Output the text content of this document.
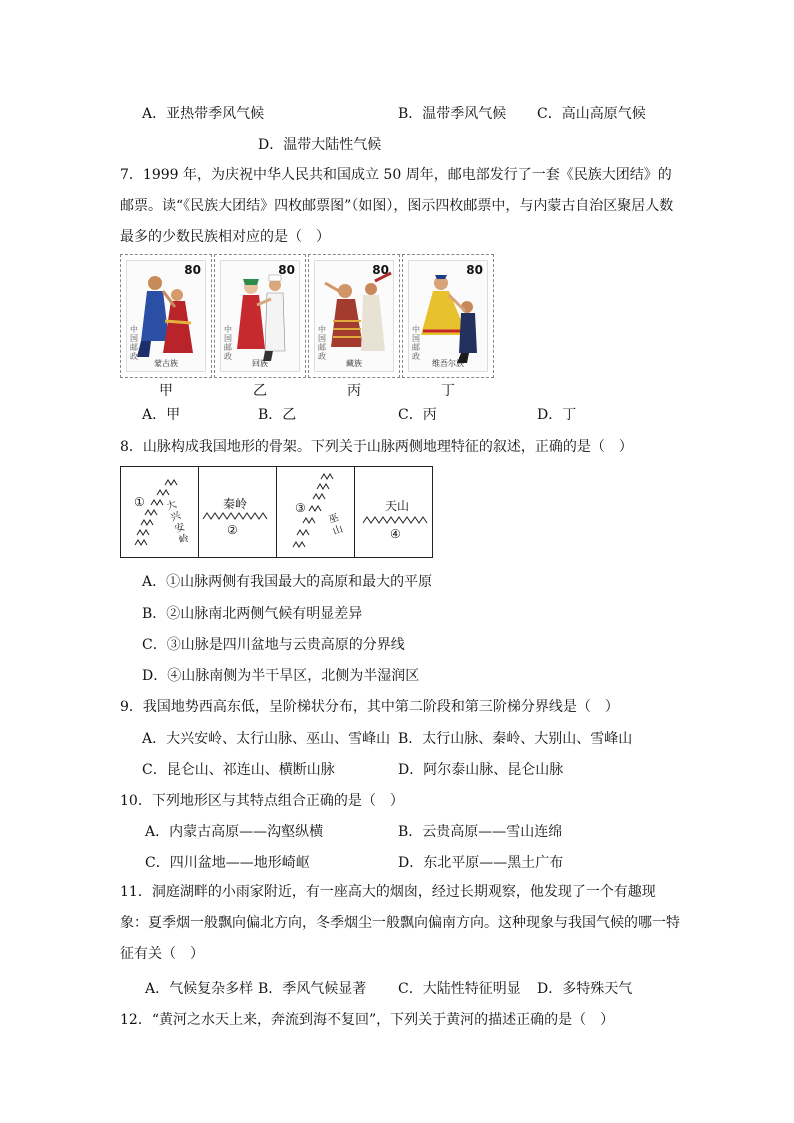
A．亚热带季风气候	B．温带季风气候 C．高山高原气候
D．温带大陆性气候
7．1999 年，为庆祝中华人民共和国成立 50 周年，邮电部发行了一套《民族大团结》的邮票。读“《民族大团结》四枚邮票图”（如图），图示四枚邮票中，与内蒙古自治区聚居人数最多的少数民族相对应的是（　）
80
中国邮政
蒙古族
甲
80
中国邮政
回族
乙
80
中国邮政
藏族
丙
80
中国邮政
维吾尔族
丁
A．甲	B．乙	C．丙	D．丁
8．山脉构成我国地形的骨架。下列关于山脉两侧地理特征的叙述，正确的是（　）
① 大兴安岭
秦岭
②
③
巫山
天山
④
A．①山脉两侧有我国最大的高原和最大的平原
B．②山脉南北两侧气候有明显差异
C．③山脉是四川盆地与云贵高原的分界线
D．④山脉南侧为半干旱区，北侧为半湿润区
9．我国地势西高东低，呈阶梯状分布，其中第二阶段和第三阶梯分界线是（　）
A．大兴安岭、太行山脉、巫山、雪峰山 B．太行山脉、秦岭、大别山、雪峰山
C．昆仑山、祁连山、横断山脉	D．阿尔泰山脉、昆仑山脉
10．下列地形区与其特点组合正确的是（　）
A．内蒙古高原——沟壑纵横	B．云贵高原——雪山连绵
C．四川盆地——地形崎岖	D．东北平原——黑土广布
11．洞庭湖畔的小雨家附近，有一座高大的烟囱，经过长期观察，他发现了一个有趣现象：夏季烟一般飘向偏北方向，冬季烟尘一般飘向偏南方向。这种现象与我国气候的哪一特征有关（　）
A．气候复杂多样 B．季风气候显著 C．大陆性特征明显 D．多特殊天气
12．“黄河之水天上来，奔流到海不复回”，下列关于黄河的描述正确的是（　）
